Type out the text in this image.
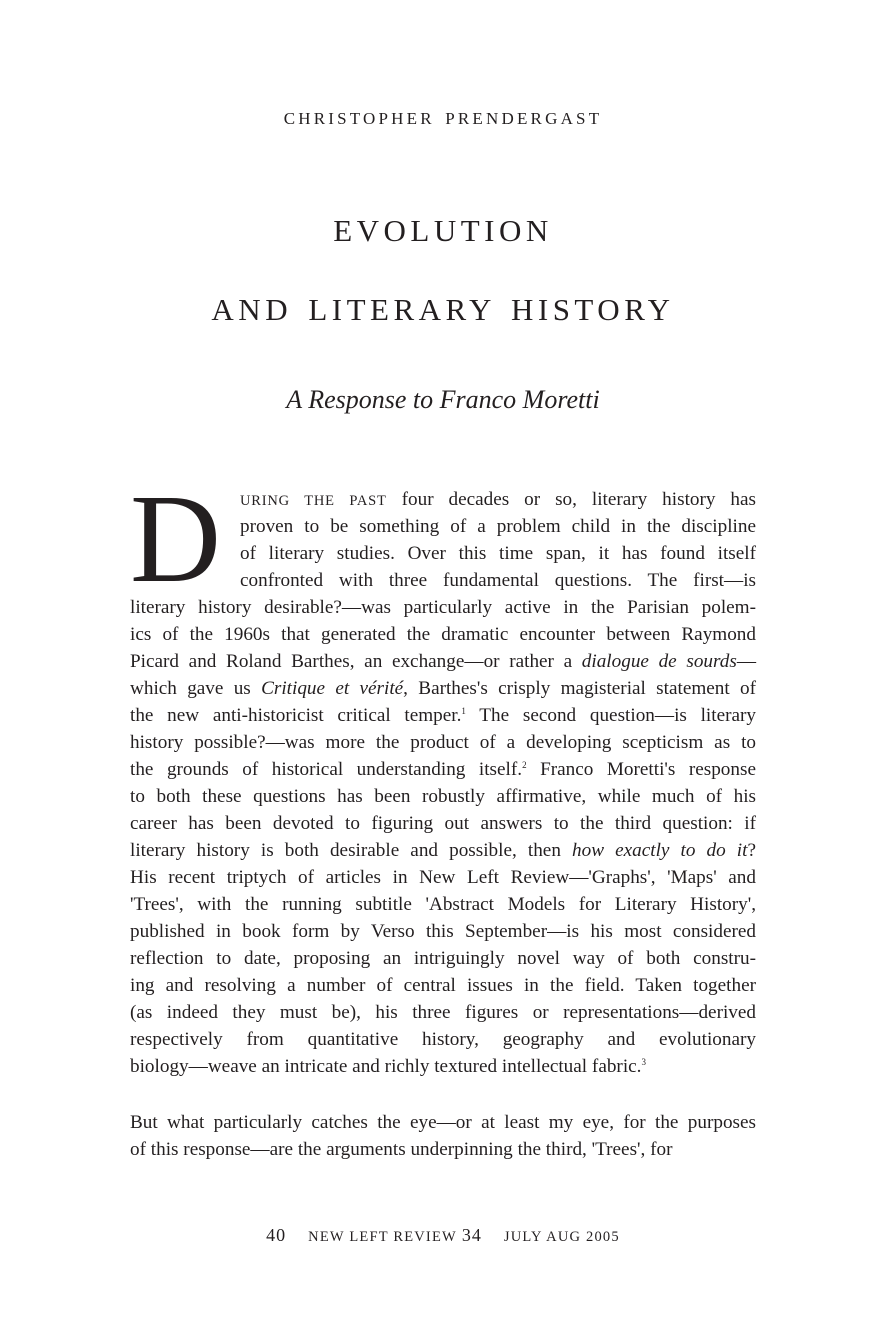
CHRISTOPHER PRENDERGAST
EVOLUTION
AND LITERARY HISTORY
A Response to Franco Moretti
D	URING THE PAST four decades or so, literary history has
proven to be something of a problem child in the discipline
of literary studies. Over this time span, it has found itself
confronted with three fundamental questions. The first—is
literary history desirable?—was particularly active in the Parisian polem-
ics of the 1960s that generated the dramatic encounter between Raymond
Picard and Roland Barthes, an exchange—or rather a dialogue de sourds—
which gave us Critique et vérité, Barthes's crisply magisterial statement of
the new anti-historicist critical temper.$^1$ The second question—is literary
history possible?—was more the product of a developing scepticism as to
the grounds of historical understanding itself.$^2$ Franco Moretti's response
to both these questions has been robustly affirmative, while much of his
career has been devoted to figuring out answers to the third question: if
literary history is both desirable and possible, then how exactly to do it?
His recent triptych of articles in New Left Review—'Graphs', 'Maps' and
'Trees', with the running subtitle 'Abstract Models for Literary History',
published in book form by Verso this September—is his most considered
reflection to date, proposing an intriguingly novel way of both constru-
ing and resolving a number of central issues in the field. Taken together
(as indeed they must be), his three figures or representations—derived
respectively from quantitative history, geography and evolutionary
biology—weave an intricate and richly textured intellectual fabric.$^3$
But what particularly catches the eye—or at least my eye, for the purposes
of this response—are the arguments underpinning the third, 'Trees', for
40 NEW LEFT REVIEW 34 JULY AUG 2005
